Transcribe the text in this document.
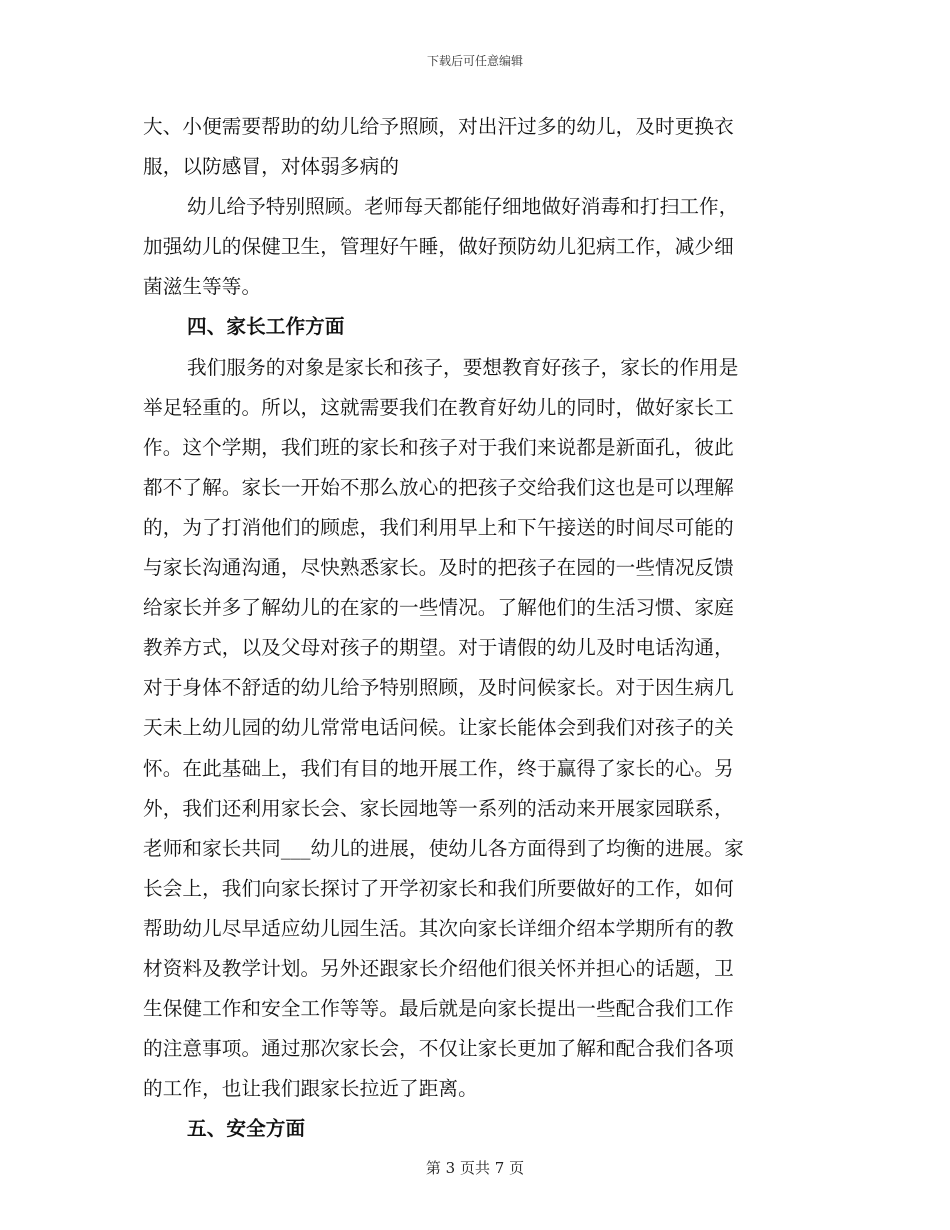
下载后可任意编辑
大、小便需要帮助的幼儿给予照顾，对出汗过多的幼儿，及时更换衣
服，以防感冒，对体弱多病的
幼儿给予特别照顾。老师每天都能仔细地做好消毒和打扫工作，
加强幼儿的保健卫生，管理好午睡，做好预防幼儿犯病工作，减少细
菌滋生等等。
四、家长工作方面
我们服务的对象是家长和孩子，要想教育好孩子，家长的作用是
举足轻重的。所以，这就需要我们在教育好幼儿的同时，做好家长工
作。这个学期，我们班的家长和孩子对于我们来说都是新面孔，彼此
都不了解。家长一开始不那么放心的把孩子交给我们这也是可以理解
的，为了打消他们的顾虑，我们利用早上和下午接送的时间尽可能的
与家长沟通沟通，尽快熟悉家长。及时的把孩子在园的一些情况反馈
给家长并多了解幼儿的在家的一些情况。了解他们的生活习惯、家庭
教养方式，以及父母对孩子的期望。对于请假的幼儿及时电话沟通，
对于身体不舒适的幼儿给予特别照顾，及时问候家长。对于因生病几
天未上幼儿园的幼儿常常电话问候。让家长能体会到我们对孩子的关
怀。在此基础上，我们有目的地开展工作，终于赢得了家长的心。另
外，我们还利用家长会、家长园地等一系列的活动来开展家园联系，
老师和家长共同___幼儿的进展，使幼儿各方面得到了均衡的进展。家
长会上，我们向家长探讨了开学初家长和我们所要做好的工作，如何
帮助幼儿尽早适应幼儿园生活。其次向家长详细介绍本学期所有的教
材资料及教学计划。另外还跟家长介绍他们很关怀并担心的话题，卫
生保健工作和安全工作等等。最后就是向家长提出一些配合我们工作
的注意事项。通过那次家长会，不仅让家长更加了解和配合我们各项
的工作，也让我们跟家长拉近了距离。
五、安全方面
第 3 页共 7 页
